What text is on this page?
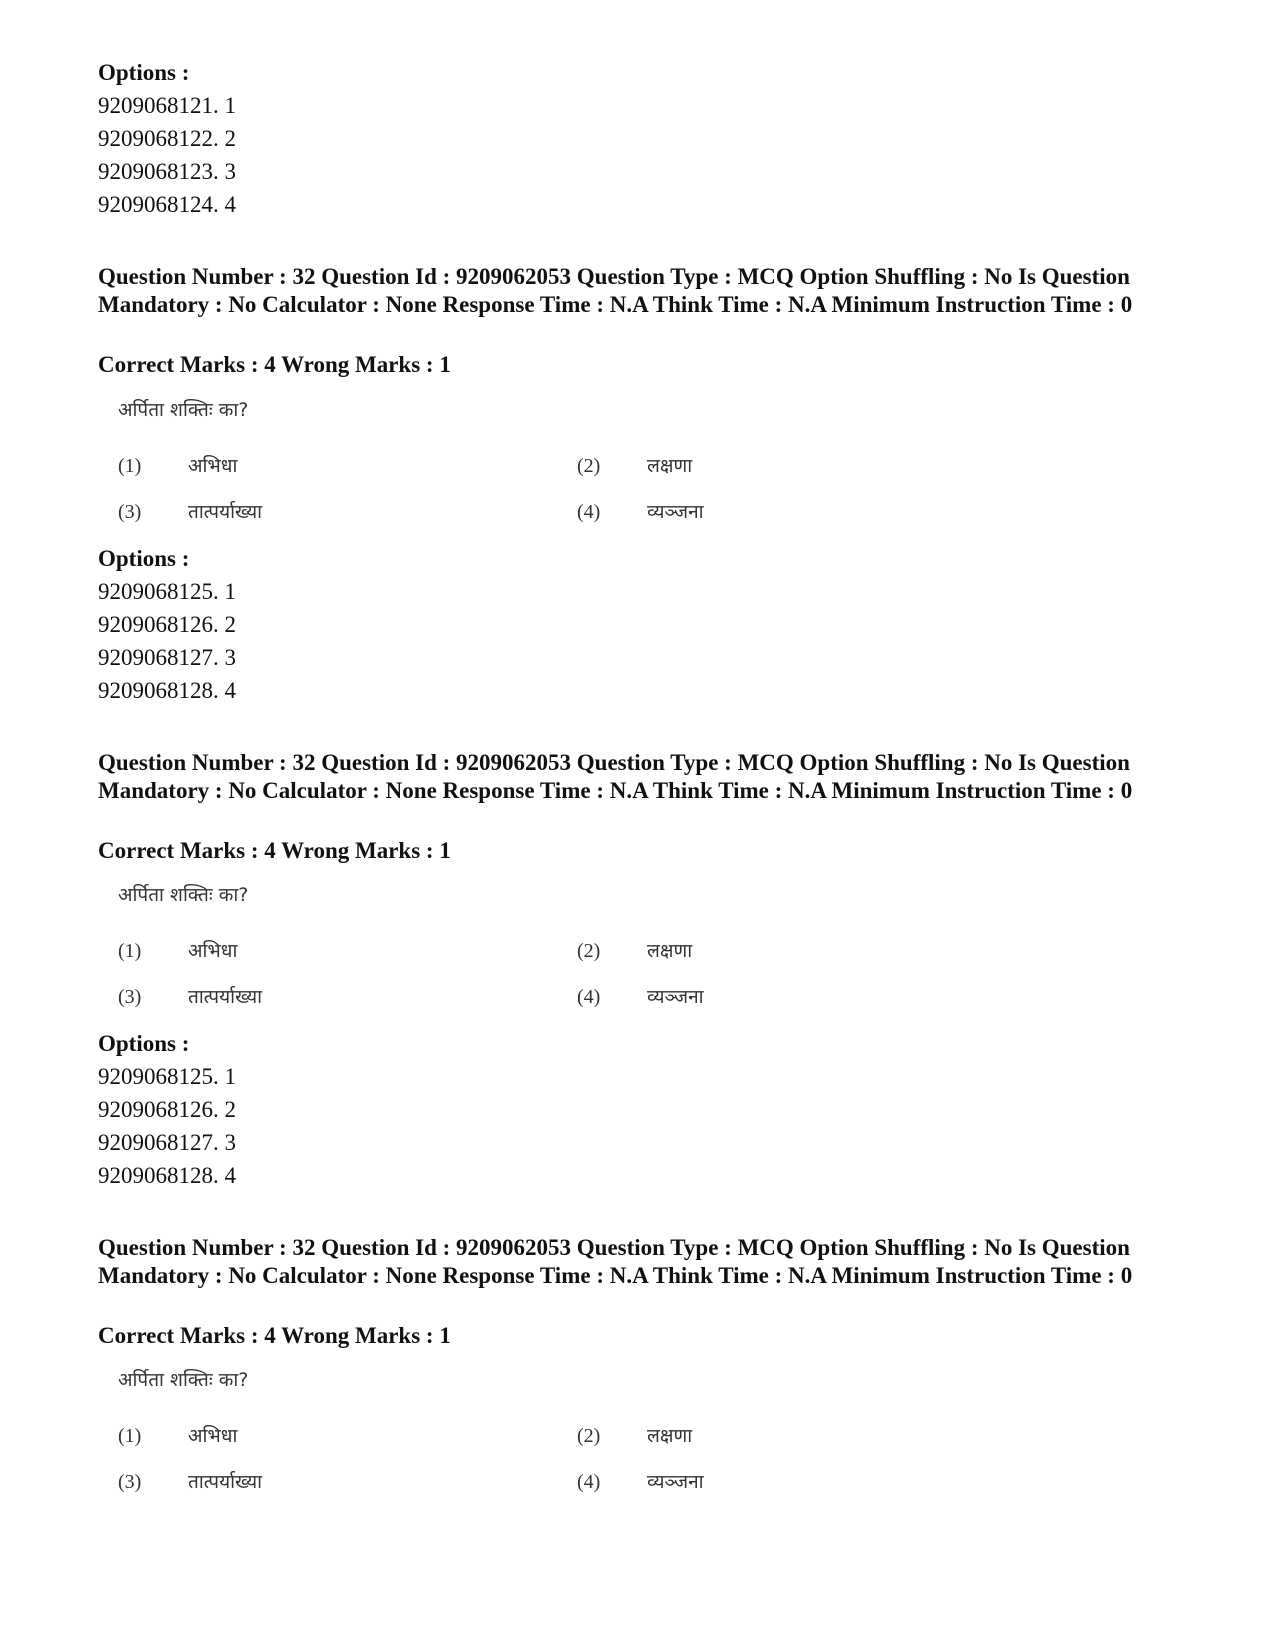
Options :

9209068121. 1

9209068122. 2

9209068123. 3

9209068124. 4

Question Number : 32 Question Id : 9209062053 Question Type : MCQ Option Shuffling : No Is Question Mandatory : No Calculator : None Response Time : N.A Think Time : N.A Minimum Instruction Time : 0

Correct Marks : 4 Wrong Marks : 1

अर्पिता शक्तिः का?

(1) अभिधा	(2) लक्षणा
(3) तात्पर्याख्या	(4) व्यञ्जना

Options :

9209068125. 1

9209068126. 2

9209068127. 3

9209068128. 4

Question Number : 32 Question Id : 9209062053 Question Type : MCQ Option Shuffling : No Is Question Mandatory : No Calculator : None Response Time : N.A Think Time : N.A Minimum Instruction Time : 0

Correct Marks : 4 Wrong Marks : 1

अर्पिता शक्तिः का?

(1) अभिधा	(2) लक्षणा
(3) तात्पर्याख्या	(4) व्यञ्जना

Options :

9209068125. 1

9209068126. 2

9209068127. 3

9209068128. 4

Question Number : 32 Question Id : 9209062053 Question Type : MCQ Option Shuffling : No Is Question Mandatory : No Calculator : None Response Time : N.A Think Time : N.A Minimum Instruction Time : 0

Correct Marks : 4 Wrong Marks : 1

अर्पिता शक्तिः का?

(1) अभिधा	(2) लक्षणा
(3) तात्पर्याख्या	(4) व्यञ्जना
